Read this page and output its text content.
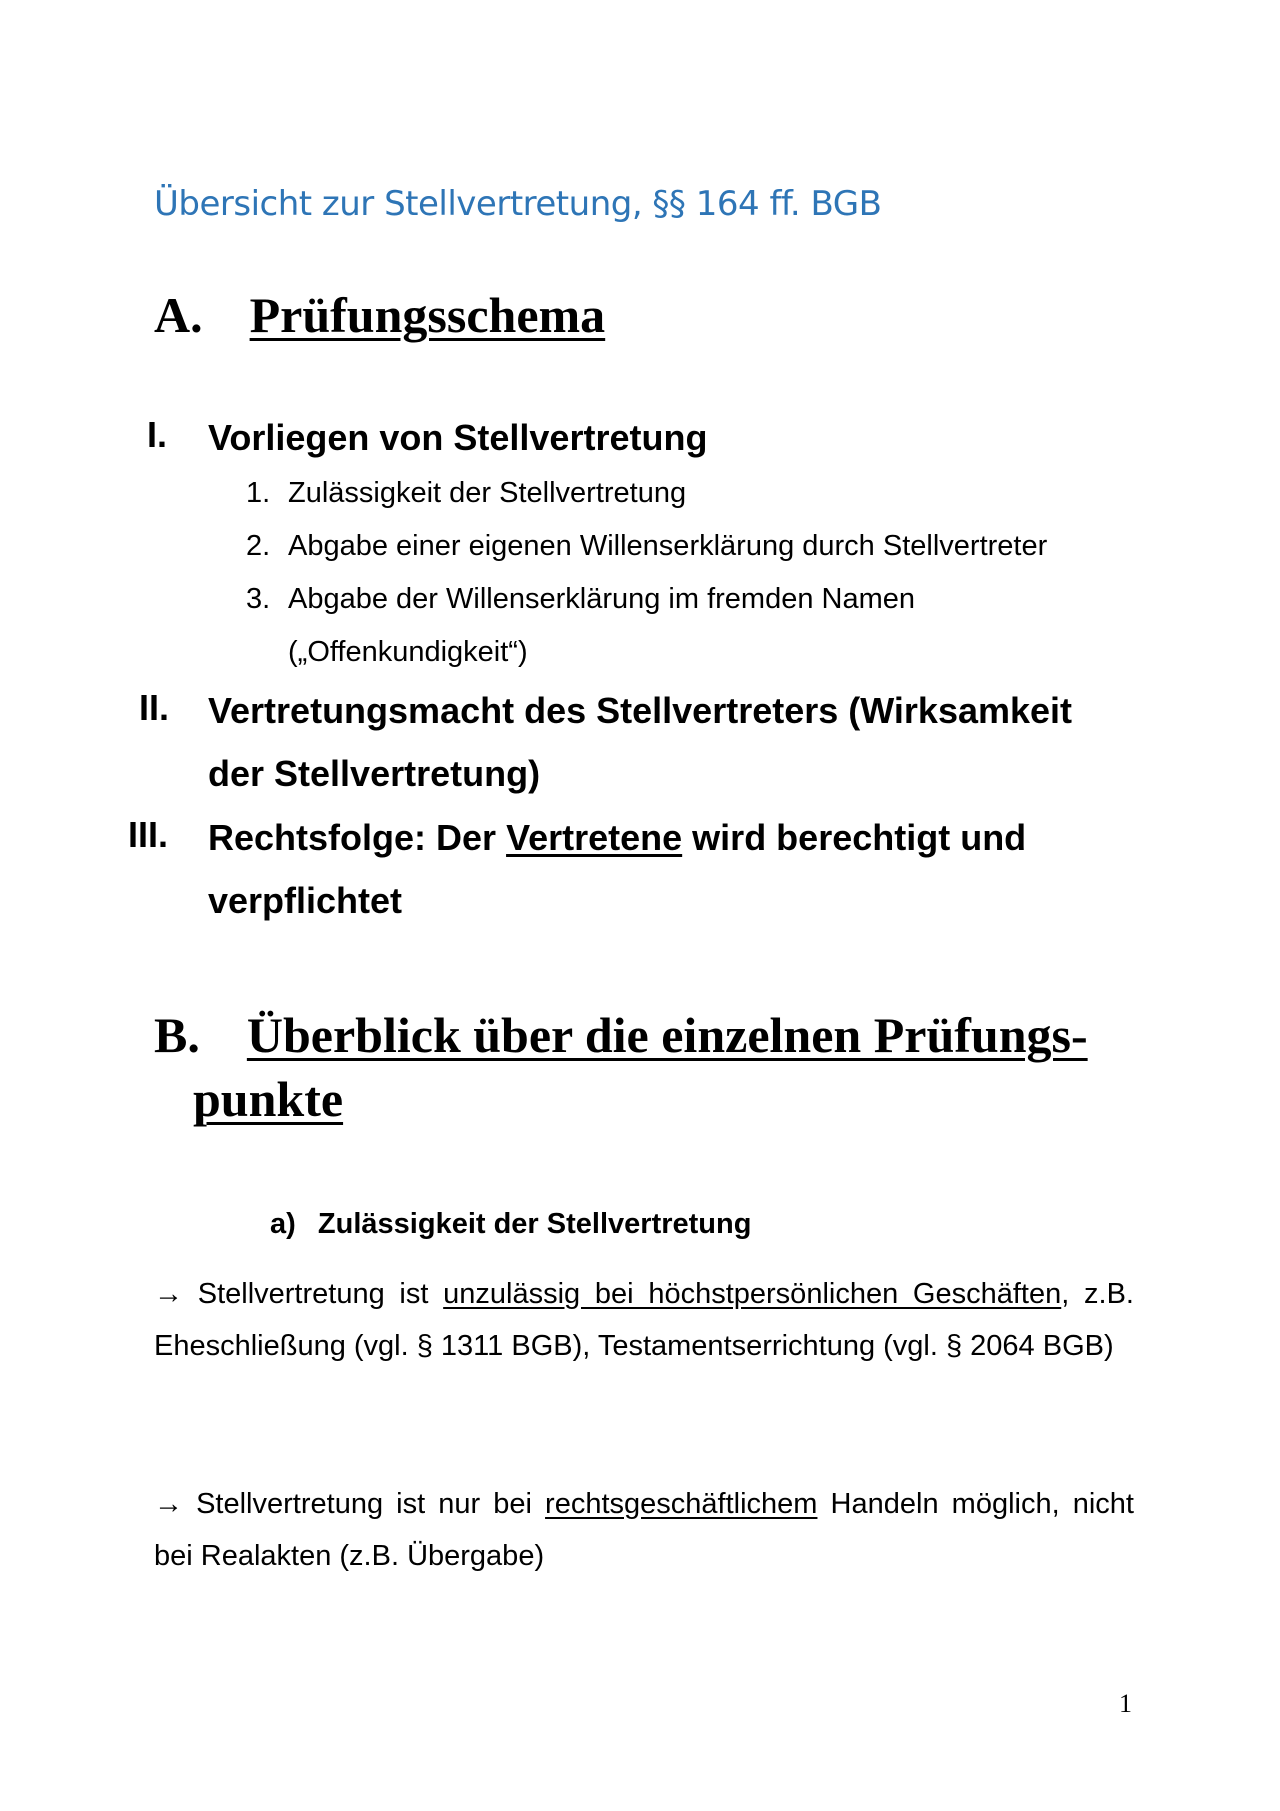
Übersicht zur Stellvertretung, §§ 164 ff. BGB
A. Prüfungsschema
I. Vorliegen von Stellvertretung
1. Zulässigkeit der Stellvertretung
2. Abgabe einer eigenen Willenserklärung durch Stellvertreter
3. Abgabe der Willenserklärung im fremden Namen
(„Offenkundigkeit“)
II. Vertretungsmacht des Stellvertreters (Wirksamkeit der Stellvertretung)
III. Rechtsfolge: Der Vertretene wird berechtigt und verpflichtet
B. Überblick über die einzelnen Prüfungs-
punkte
a) Zulässigkeit der Stellvertretung
→ Stellvertretung ist unzulässig bei höchstpersönlichen Geschäften, z.B. Eheschließung (vgl. § 1311 BGB), Testamentserrichtung (vgl. § 2064 BGB)
→ Stellvertretung ist nur bei rechtsgeschäftlichem Handeln möglich, nicht bei Realakten (z.B. Übergabe)
1
